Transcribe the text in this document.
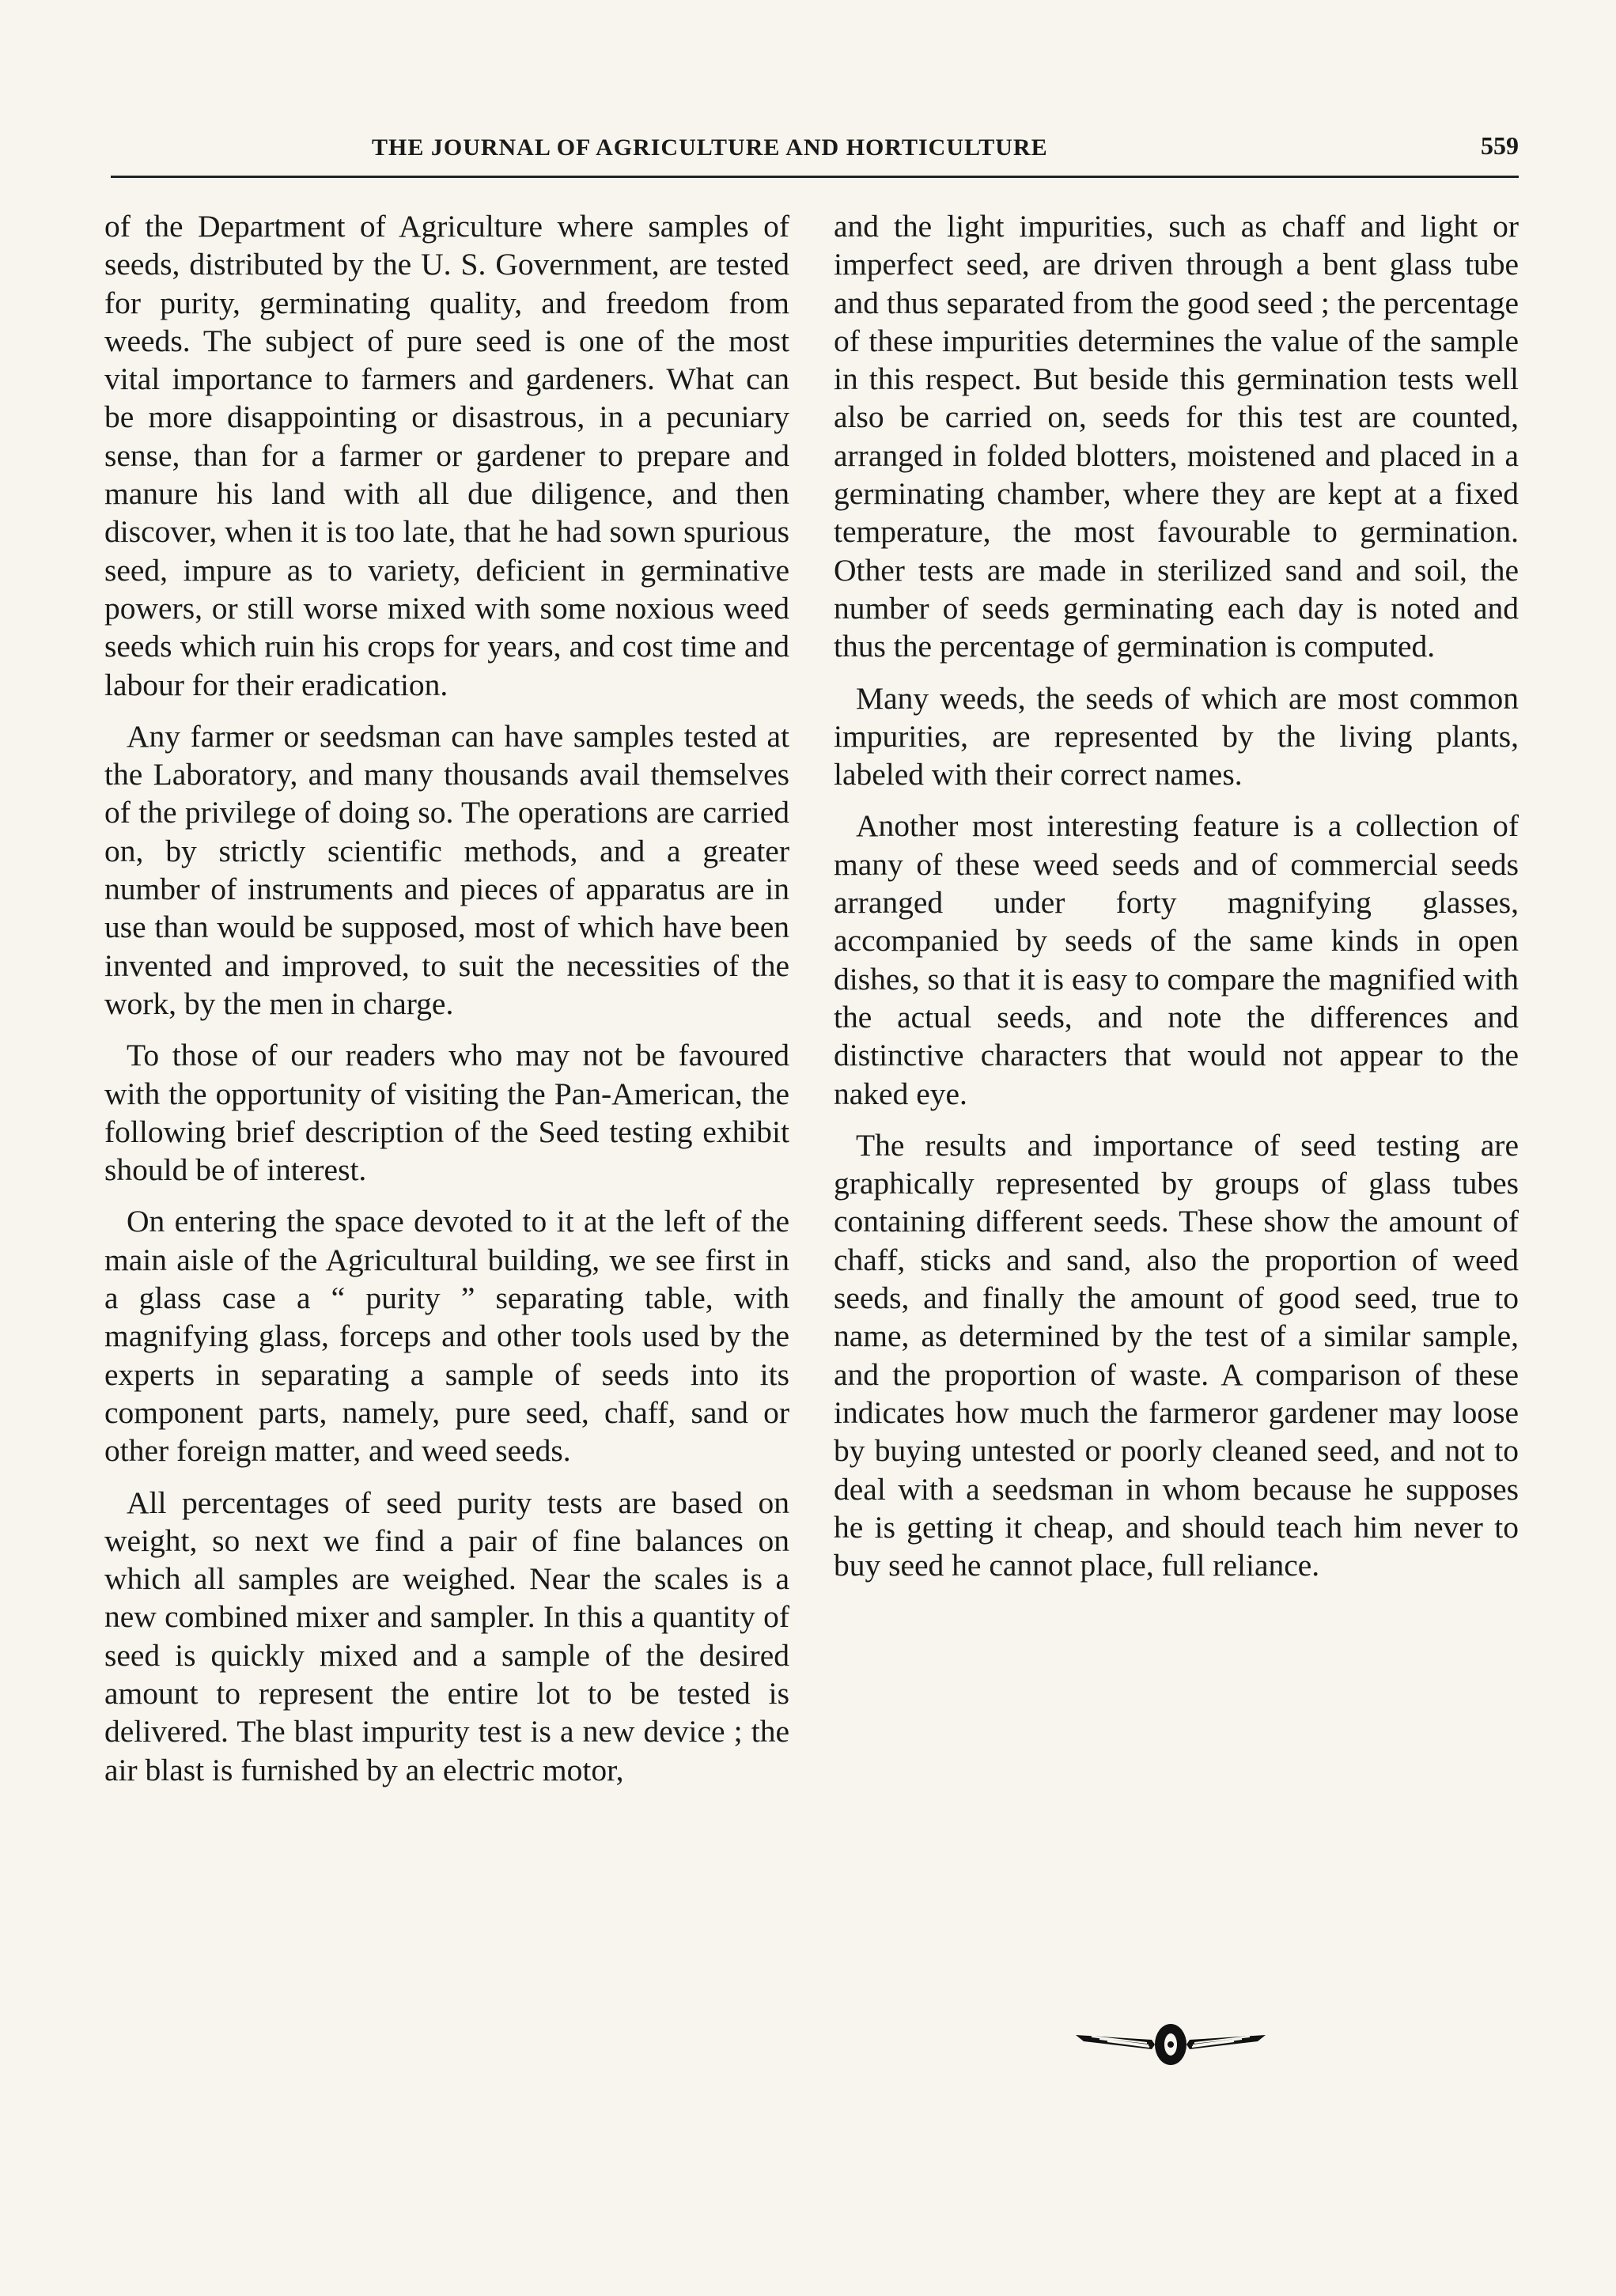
THE JOURNAL OF AGRICULTURE AND HORTICULTURE	559

of the Department of Agriculture where samples of seeds, distributed by the U. S. Government, are tested for purity, germinating quality, and freedom from weeds. The subject of pure seed is one of the most vital importance to farmers and gardeners. What can be more disappointing or disastrous, in a pecuniary sense, than for a farmer or gardener to prepare and manure his land with all due diligence, and then discover, when it is too late, that he had sown spurious seed, impure as to variety, deficient in germinative powers, or still worse mixed with some noxious weed seeds which ruin his crops for years, and cost time and labour for their eradication.

Any farmer or seedsman can have samples tested at the Laboratory, and many thousands avail themselves of the privilege of doing so. The operations are carried on, by strictly scientific methods, and a greater number of instruments and pieces of apparatus are in use than would be supposed, most of which have been invented and improved, to suit the necessities of the work, by the men in charge.

To those of our readers who may not be favoured with the opportunity of visiting the Pan-American, the following brief description of the Seed testing exhibit should be of interest.

On entering the space devoted to it at the left of the main aisle of the Agricultural building, we see first in a glass case a “ purity ” separating table, with magnifying glass, forceps and other tools used by the experts in separating a sample of seeds into its component parts, namely, pure seed, chaff, sand or other foreign matter, and weed seeds.

All percentages of seed purity tests are based on weight, so next we find a pair of fine balances on which all samples are weighed. Near the scales is a new combined mixer and sampler. In this a quantity of seed is quickly mixed and a sample of the desired amount to represent the entire lot to be tested is delivered. The blast impurity test is a new device ; the air blast is furnished by an electric motor,

and the light impurities, such as chaff and light or imperfect seed, are driven through a bent glass tube and thus separated from the good seed ; the percentage of these impurities determines the value of the sample in this respect. But beside this germination tests well also be carried on, seeds for this test are counted, arranged in folded blotters, moistened and placed in a germinating chamber, where they are kept at a fixed temperature, the most favourable to germination. Other tests are made in sterilized sand and soil, the number of seeds germinating each day is noted and thus the percentage of germination is computed.

Many weeds, the seeds of which are most common impurities, are represented by the living plants, labeled with their correct names.

Another most interesting feature is a collection of many of these weed seeds and of commercial seeds arranged under forty magnifying glasses, accompanied by seeds of the same kinds in open dishes, so that it is easy to compare the magnified with the actual seeds, and note the differences and distinctive characters that would not appear to the naked eye.

The results and importance of seed testing are graphically represented by groups of glass tubes containing different seeds. These show the amount of chaff, sticks and sand, also the proportion of weed seeds, and finally the amount of good seed, true to name, as determined by the test of a similar sample, and the proportion of waste. A comparison of these indicates how much the farmeror gardener may loose by buying untested or poorly cleaned seed, and not to deal with a seedsman in whom because he supposes he is getting it cheap, and should teach him never to buy seed he cannot place, full reliance.
